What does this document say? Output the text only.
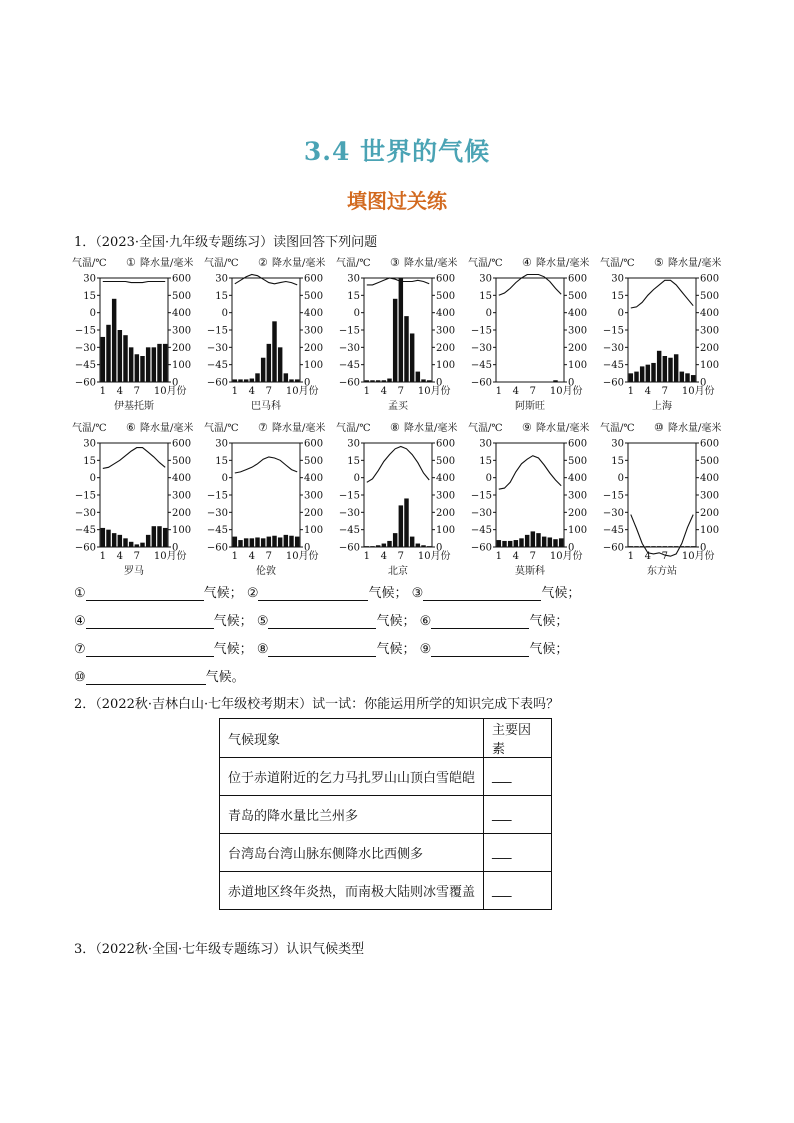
3.4 世界的气候
填图过关练
1．（2023·全国·九年级专题练习）读图回答下列问题
气温/℃ ① 降水量/毫米
30
15
0
−15
−30
−45
−60
600
500
400
300
200
100
0
1 4 7 10月份
伊基托斯
气温/℃ ② 降水量/毫米
30
15
0
−15
−30
−45
−60
600
500
400
300
200
100
0
1 4 7 10月份
巴马科
气温/℃ ③ 降水量/毫米
30
15
0
−15
−30
−45
−60
600
500
400
300
200
100
0
1 4 7 10月份
孟买
气温/℃ ④ 降水量/毫米
30
15
0
−15
−30
−45
−60
600
500
400
300
200
100
0
1 4 7 10月份
阿斯旺
气温/℃ ⑤ 降水量/毫米
30
15
0
−15
−30
−45
−60
600
500
400
300
200
100
0
1 4 7 10月份
上海
气温/℃ ⑥ 降水量/毫米
30
15
0
−15
−30
−45
−60
600
500
400
300
200
100
0
1 4 7 10月份
罗马
气温/℃ ⑦ 降水量/毫米
30
15
0
−15
−30
−45
−60
600
500
400
300
200
100
0
1 4 7 10月份
伦敦
气温/℃ ⑧ 降水量/毫米
30
15
0
−15
−30
−45
−60
600
500
400
300
200
100
0
1 4 7 10月份
北京
气温/℃ ⑨ 降水量/毫米
30
15
0
−15
−30
−45
−60
600
500
400
300
200
100
0
1 4 7 10月份
莫斯科
气温/℃ ⑩ 降水量/毫米
30
15
0
−15
−30
−45
−60
600
500
400
300
200
100
0
1 4 7 10月份
东方站
①	气候； ②	气候； ③	气候；
④	气候； ⑤	气候； ⑥	气候；
⑦	气候； ⑧	气候； ⑨	气候；
⑩	气候。
2．（2022秋·吉林白山·七年级校考期末）试一试：你能运用所学的知识完成下表吗？
气候现象	主要因素
位于赤道附近的乞力马扎罗山山顶白雪皑皑	___
青岛的降水量比兰州多	___
台湾岛台湾山脉东侧降水比西侧多	___
赤道地区终年炎热，而南极大陆则冰雪覆盖	___
3．（2022秋·全国·七年级专题练习）认识气候类型
